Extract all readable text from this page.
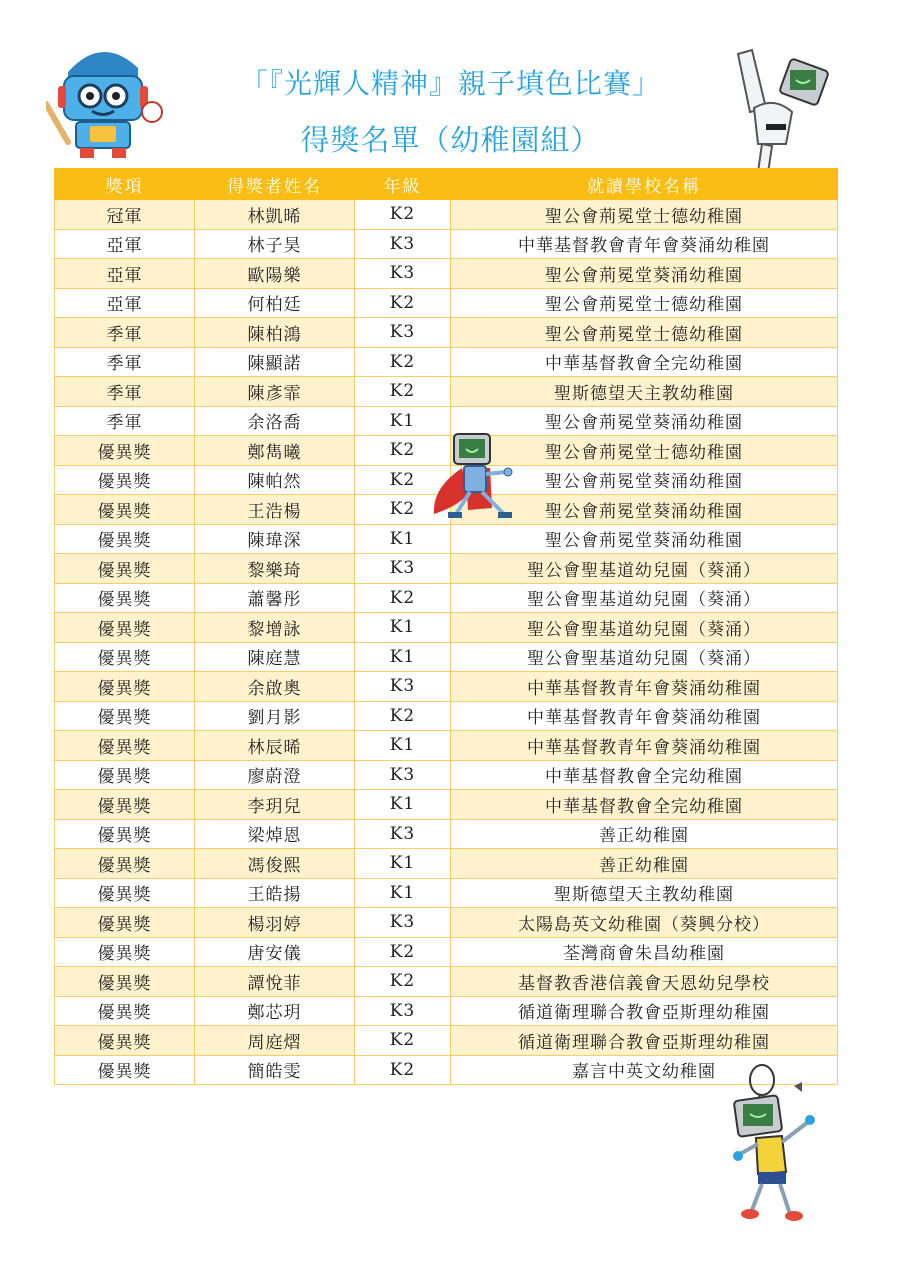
「『光輝人精神』親子填色比賽」
得獎名單（幼稚園組）
獎項	得獎者姓名	年級	就讀學校名稱
冠軍	林凱晞	K2	聖公會荊冕堂士德幼稚園
亞軍	林子昊	K3	中華基督教會青年會葵涌幼稚園
亞軍	歐陽樂	K3	聖公會荊冕堂葵涌幼稚園
亞軍	何柏廷	K2	聖公會荊冕堂士德幼稚園
季軍	陳柏鴻	K3	聖公會荊冕堂士德幼稚園
季軍	陳顯諾	K2	中華基督教會全完幼稚園
季軍	陳彥霏	K2	聖斯德望天主教幼稚園
季軍	余洛喬	K1	聖公會荊冕堂葵涌幼稚園
優異獎	鄭雋曦	K2	聖公會荊冕堂士德幼稚園
優異獎	陳帕然	K2	聖公會荊冕堂葵涌幼稚園
優異獎	王浩楊	K2	聖公會荊冕堂葵涌幼稚園
優異獎	陳瑋深	K1	聖公會荊冕堂葵涌幼稚園
優異獎	黎樂琦	K3	聖公會聖基道幼兒園（葵涌）
優異獎	蕭馨彤	K2	聖公會聖基道幼兒園（葵涌）
優異獎	黎增詠	K1	聖公會聖基道幼兒園（葵涌）
優異獎	陳庭慧	K1	聖公會聖基道幼兒園（葵涌）
優異獎	余啟奧	K3	中華基督教青年會葵涌幼稚園
優異獎	劉月影	K2	中華基督教青年會葵涌幼稚園
優異獎	林辰晞	K1	中華基督教青年會葵涌幼稚園
優異獎	廖蔚澄	K3	中華基督教會全完幼稚園
優異獎	李玥兒	K1	中華基督教會全完幼稚園
優異獎	梁焯恩	K3	善正幼稚園
優異獎	馮俊熙	K1	善正幼稚園
優異獎	王皓揚	K1	聖斯德望天主教幼稚園
優異獎	楊羽婷	K3	太陽島英文幼稚園（葵興分校）
優異獎	唐安儀	K2	荃灣商會朱昌幼稚園
優異獎	譚悅菲	K2	基督教香港信義會天恩幼兒學校
優異獎	鄭芯玥	K3	循道衛理聯合教會亞斯理幼稚園
優異獎	周庭熠	K2	循道衛理聯合教會亞斯理幼稚園
優異獎	簡皓雯	K2	嘉言中英文幼稚園
